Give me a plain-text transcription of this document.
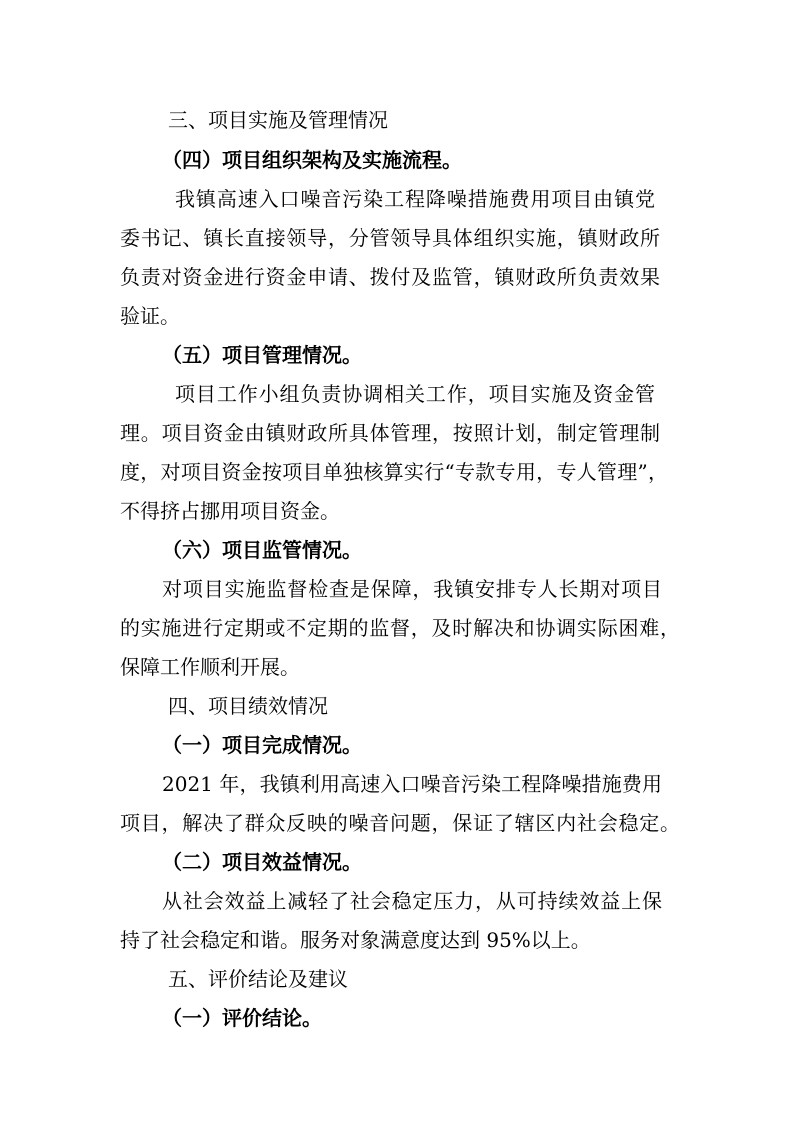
三、项目实施及管理情况
（四）项目组织架构及实施流程。
我镇高速入口噪音污染工程降噪措施费用项目由镇党
委书记、镇长直接领导，分管领导具体组织实施，镇财政所
负责对资金进行资金申请、拨付及监管，镇财政所负责效果
验证。
（五）项目管理情况。
项目工作小组负责协调相关工作，项目实施及资金管
理。项目资金由镇财政所具体管理，按照计划，制定管理制
度，对项目资金按项目单独核算实行“专款专用，专人管理”，
不得挤占挪用项目资金。
（六）项目监管情况。
对项目实施监督检查是保障，我镇安排专人长期对项目
的实施进行定期或不定期的监督，及时解决和协调实际困难，
保障工作顺利开展。
四、项目绩效情况
（一）项目完成情况。
2021 年，我镇利用高速入口噪音污染工程降噪措施费用
项目，解决了群众反映的噪音问题，保证了辖区内社会稳定。
（二）项目效益情况。
从社会效益上减轻了社会稳定压力，从可持续效益上保
持了社会稳定和谐。服务对象满意度达到 95%以上。
五、评价结论及建议
（一）评价结论。
